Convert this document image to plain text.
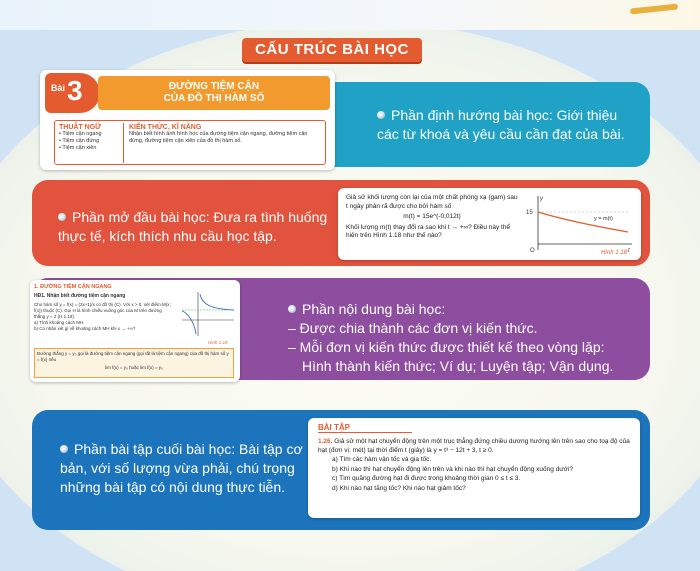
CẤU TRÚC BÀI HỌC
Phần định hướng bài học: Giới thiệu các từ khoá và yêu cầu cần đạt của bài.
Bài 3	ĐƯỜNG TIỆM CẬN
CỦA ĐỒ THỊ HÀM SỐ
THUẬT NGỮ
• Tiệm cận ngang
• Tiệm cận đứng
• Tiệm cận xiên
KIẾN THỨC, KĨ NĂNG
Nhận biết hình ảnh hình học của đường tiệm cận ngang, đường tiệm cận đứng, đường tiệm cận xiên của đồ thị hàm số.
Phần mở đầu bài học: Đưa ra tình huống thực tế, kích thích nhu cầu học tập.
Giả sử khối lượng còn lại của một chất phóng xạ (gam) sau t ngày phân rã được cho bởi hàm số
m(t) = 15e^(-0,012t)
Khối lượng m(t) thay đổi ra sao khi t → +∞? Điều này thể hiện trên Hình 1.18 như thế nào?
15
y
O	t
y = m(t)
Hình 1.18
Phần nội dung bài học:
– Được chia thành các đơn vị kiến thức.
– Mỗi đơn vị kiến thức được thiết kế theo vòng lặp:
Hình thành kiến thức; Ví dụ; Luyện tập; Vận dụng.
1. ĐƯỜNG TIỆM CẬN NGANG
HĐ1. Nhận biết đường tiệm cận ngang
Cho hàm số y = f(x) = (2x+1)/x có đồ thị (C). Với x > 0, xét điểm M(x; f(x)) thuộc (C). Gọi H là hình chiếu vuông góc của M trên đường thẳng y = 2 (H.1.19).
a) Tính khoảng cách MH.
b) Có nhận xét gì về khoảng cách MH khi x → +∞?
Hình 1.19
Đường thẳng y = y₀ gọi là đường tiệm cận ngang (gọi tắt là tiệm cận ngang) của đồ thị hàm số y = f(x) nếu
lim f(x) = y₀ hoặc lim f(x) = y₀
Phần bài tập cuối bài học: Bài tập cơ bản, với số lượng vừa phải, chú trọng những bài tập có nội dung thực tiễn.
BÀI TẬP
1.26. Giả sử một hạt chuyển động trên một trục thẳng đứng chiều dương hướng lên trên sao cho toạ độ của hạt (đơn vị: mét) tại thời điểm t (giây) là y = t³ − 12t + 3, t ≥ 0.
a) Tìm các hàm vận tốc và gia tốc.
b) Khi nào thì hạt chuyển động lên trên và khi nào thì hạt chuyển động xuống dưới?
c) Tìm quãng đường hạt đi được trong khoảng thời gian 0 ≤ t ≤ 3.
d) Khi nào hạt tăng tốc? Khi nào hạt giảm tốc?
